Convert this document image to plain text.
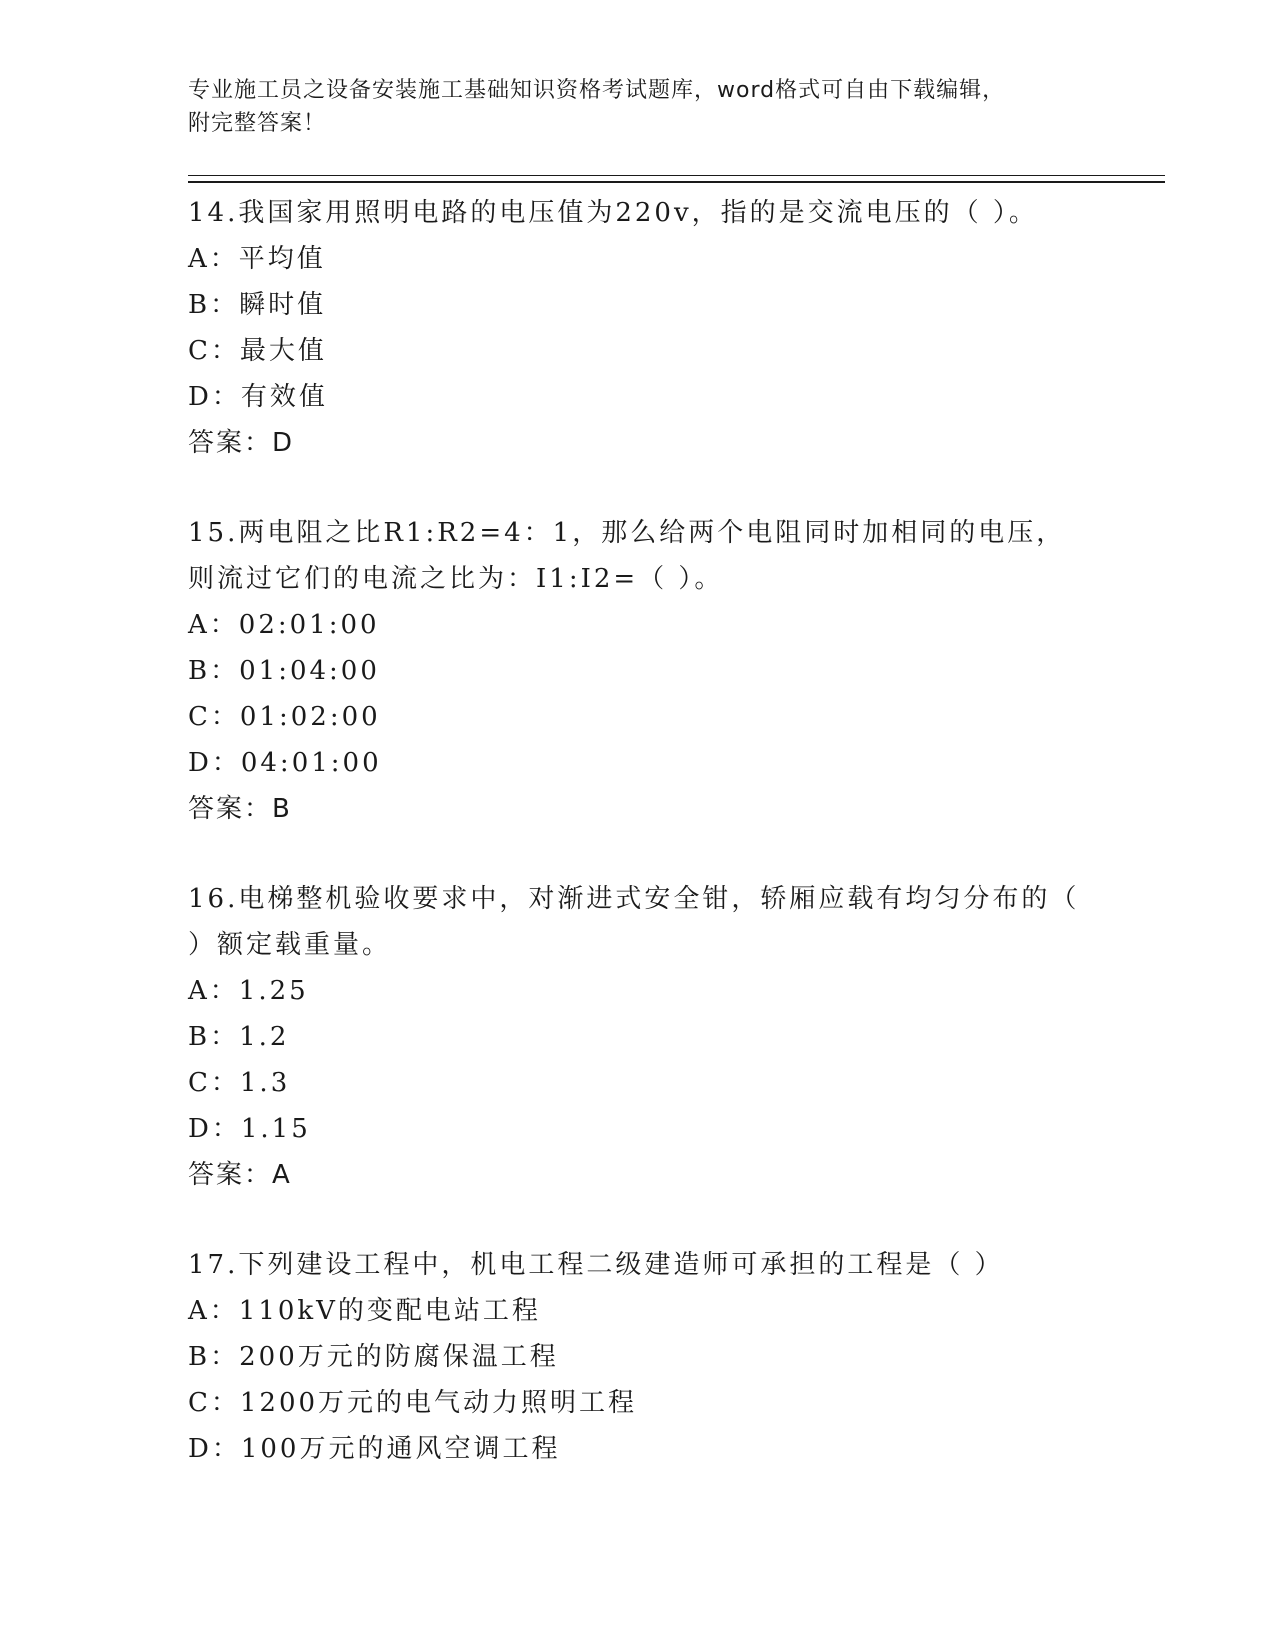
专业施工员之设备安装施工基础知识资格考试题库，word格式可自由下载编辑，
附完整答案！
14.我国家用照明电路的电压值为220v，指的是交流电压的（ ）。
A：平均值
B：瞬时值
C：最大值
D：有效值
答案：D
15.两电阻之比R1:R2=4：1，那么给两个电阻同时加相同的电压，则流过它们的电流之比为：I1:I2=（ ）。
A：02:01:00
B：01:04:00
C：01:02:00
D：04:01:00
答案：B
16.电梯整机验收要求中，对渐进式安全钳，轿厢应载有均匀分布的（ ）额定载重量。
A：1.25
B：1.2
C：1.3
D：1.15
答案：A
17.下列建设工程中，机电工程二级建造师可承担的工程是（ ）
A：110kV的变配电站工程
B：200万元的防腐保温工程
C：1200万元的电气动力照明工程
D：100万元的通风空调工程
